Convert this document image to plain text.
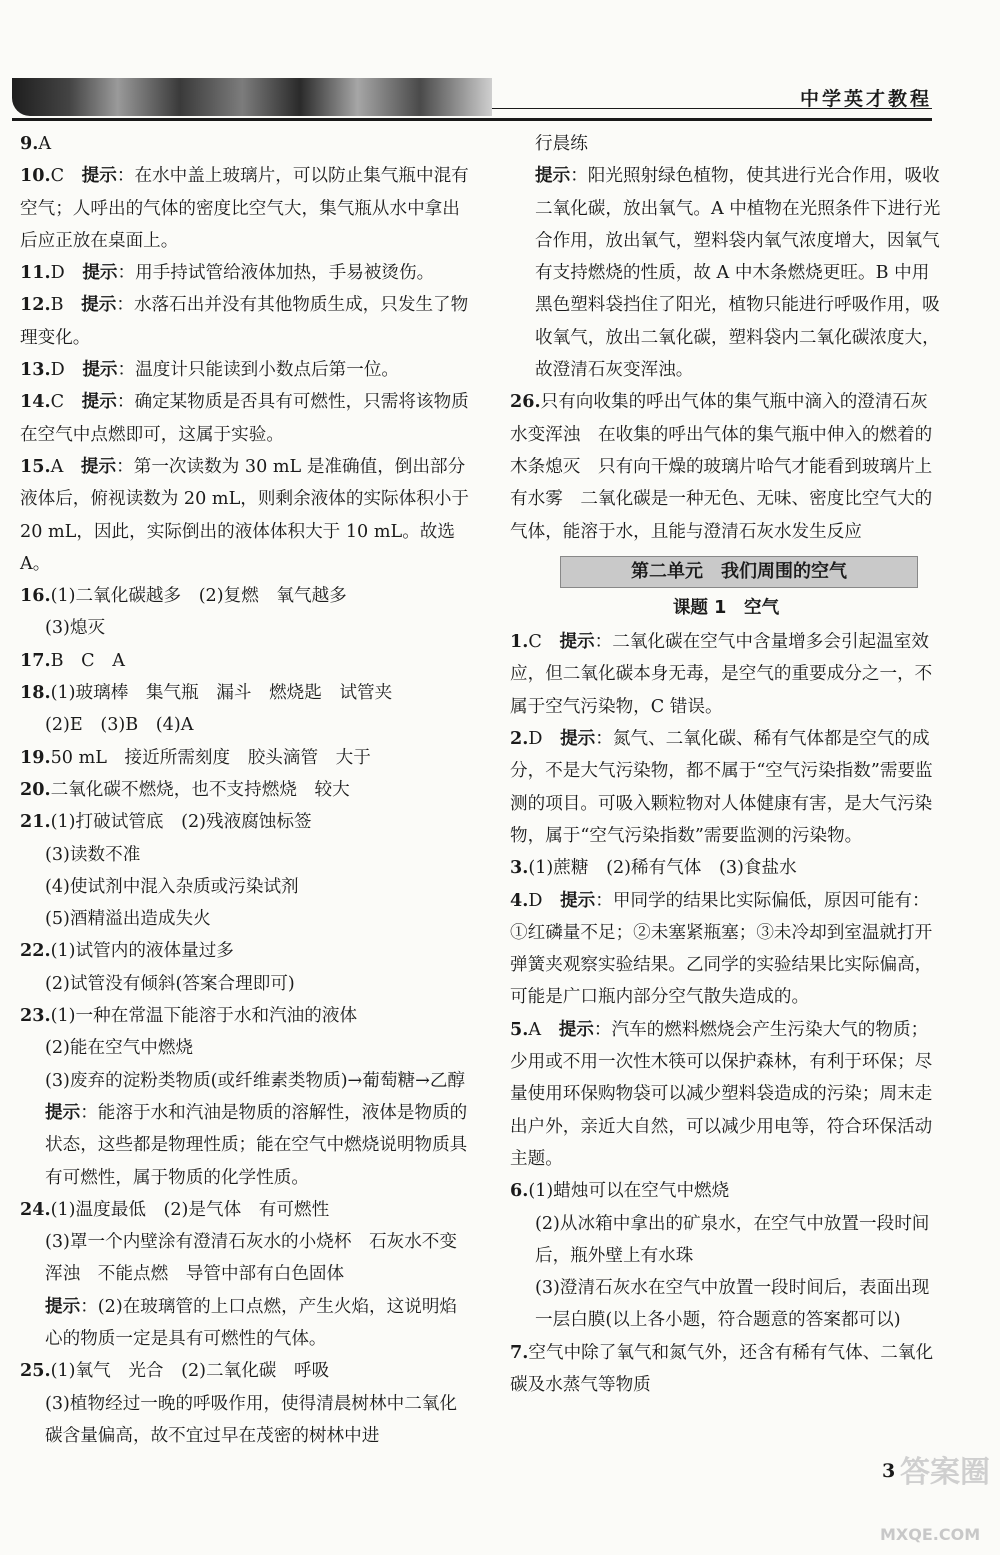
中学英才教程
9.A
10.C　提示：在水中盖上玻璃片，可以防止集气瓶中混有空气；人呼出的气体的密度比空气大，集气瓶从水中拿出后应正放在桌面上。
11.D　提示：用手持试管给液体加热，手易被烫伤。
12.B　提示：水落石出并没有其他物质生成，只发生了物理变化。
13.D　提示：温度计只能读到小数点后第一位。
14.C　提示：确定某物质是否具有可燃性，只需将该物质在空气中点燃即可，这属于实验。
15.A　提示：第一次读数为 30 mL 是准确值，倒出部分液体后，俯视读数为 20 mL，则剩余液体的实际体积小于 20 mL，因此，实际倒出的液体体积大于 10 mL。故选 A。
16.(1)二氧化碳越多　(2)复燃　氧气越多
(3)熄灭
17.B　C　A
18.(1)玻璃棒　集气瓶　漏斗　燃烧匙　试管夹
(2)E　(3)B　(4)A
19.50 mL　接近所需刻度　胶头滴管　大于
20.二氧化碳不燃烧，也不支持燃烧　较大
21.(1)打破试管底　(2)残液腐蚀标签
(3)读数不准
(4)使试剂中混入杂质或污染试剂
(5)酒精溢出造成失火
22.(1)试管内的液体量过多
(2)试管没有倾斜(答案合理即可)
23.(1)一种在常温下能溶于水和汽油的液体
(2)能在空气中燃烧
(3)废弃的淀粉类物质(或纤维素类物质)→葡萄糖→乙醇
提示：能溶于水和汽油是物质的溶解性，液体是物质的状态，这些都是物理性质；能在空气中燃烧说明物质具有可燃性，属于物质的化学性质。
24.(1)温度最低　(2)是气体　有可燃性
(3)罩一个内壁涂有澄清石灰水的小烧杯　石灰水不变浑浊　不能点燃　导管中部有白色固体
提示：(2)在玻璃管的上口点燃，产生火焰，这说明焰心的物质一定是具有可燃性的气体。
25.(1)氧气　光合　(2)二氧化碳　呼吸
(3)植物经过一晚的呼吸作用，使得清晨树林中二氧化碳含量偏高，故不宜过早在茂密的树林中进
行晨练
提示：阳光照射绿色植物，使其进行光合作用，吸收二氧化碳，放出氧气。A 中植物在光照条件下进行光合作用，放出氧气，塑料袋内氧气浓度增大，因氧气有支持燃烧的性质，故 A 中木条燃烧更旺。B 中用黑色塑料袋挡住了阳光，植物只能进行呼吸作用，吸收氧气，放出二氧化碳，塑料袋内二氧化碳浓度大，故澄清石灰变浑浊。
26.只有向收集的呼出气体的集气瓶中滴入的澄清石灰水变浑浊　在收集的呼出气体的集气瓶中伸入的燃着的木条熄灭　只有向干燥的玻璃片哈气才能看到玻璃片上有水雾　二氧化碳是一种无色、无味、密度比空气大的气体，能溶于水，且能与澄清石灰水发生反应
第二单元　我们周围的空气
课题 1　空气
1.C　提示：二氧化碳在空气中含量增多会引起温室效应，但二氧化碳本身无毒，是空气的重要成分之一，不属于空气污染物，C 错误。
2.D　提示：氮气、二氧化碳、稀有气体都是空气的成分，不是大气污染物，都不属于“空气污染指数”需要监测的项目。可吸入颗粒物对人体健康有害，是大气污染物，属于“空气污染指数”需要监测的污染物。
3.(1)蔗糖　(2)稀有气体　(3)食盐水
4.D　提示：甲同学的结果比实际偏低，原因可能有：①红磷量不足；②未塞紧瓶塞；③未冷却到室温就打开弹簧夹观察实验结果。乙同学的实验结果比实际偏高，可能是广口瓶内部分空气散失造成的。
5.A　提示：汽车的燃料燃烧会产生污染大气的物质；少用或不用一次性木筷可以保护森林，有利于环保；尽量使用环保购物袋可以减少塑料袋造成的污染；周末走出户外，亲近大自然，可以减少用电等，符合环保活动主题。
6.(1)蜡烛可以在空气中燃烧
(2)从冰箱中拿出的矿泉水，在空气中放置一段时间后，瓶外壁上有水珠
(3)澄清石灰水在空气中放置一段时间后，表面出现一层白膜(以上各小题，符合题意的答案都可以)
7.空气中除了氧气和氮气外，还含有稀有气体、二氧化碳及水蒸气等物质
3 答案圈
MXQE.COM
